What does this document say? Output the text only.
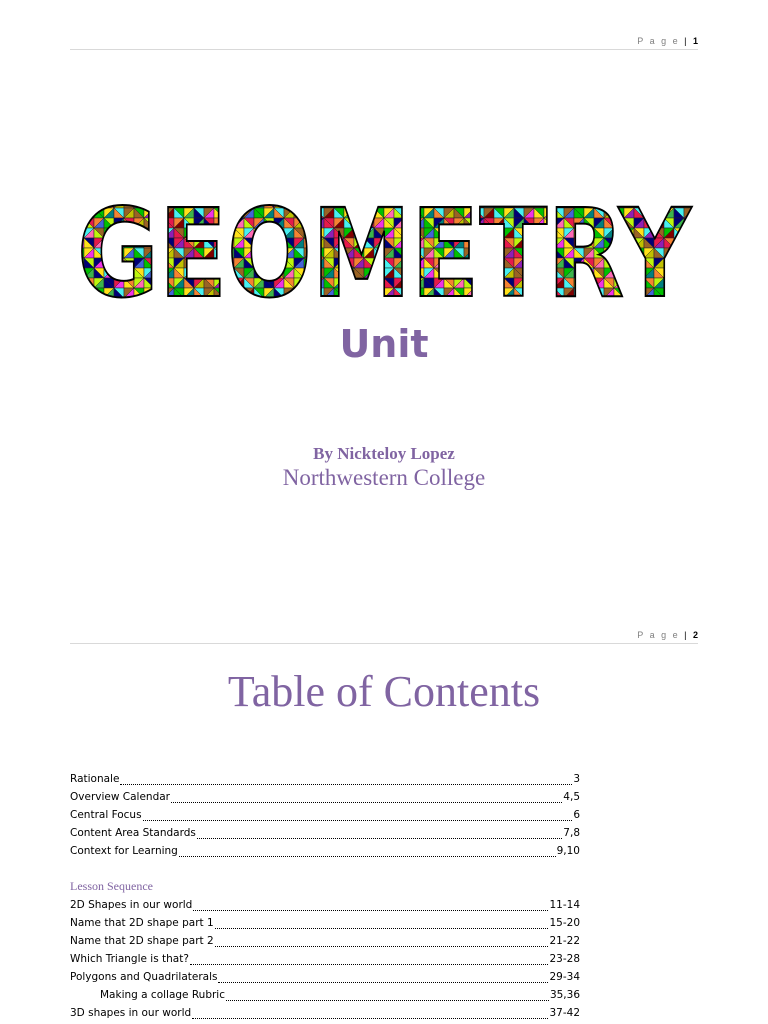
P a g e | 1
GEOMETRY
Unit
By Nickteloy Lopez
Northwestern College
P a g e | 2
Table of Contents
Rationale	3
Overview Calendar	4,5
Central Focus	6
Content Area Standards	7,8
Context for Learning	9,10
Lesson Sequence
2D Shapes in our world	11-14
Name that 2D shape part 1	15-20
Name that 2D shape part 2	21-22
Which Triangle is that?	23-28
Polygons and Quadrilaterals	29-34
Making a collage Rubric	35,36
3D shapes in our world	37-42
